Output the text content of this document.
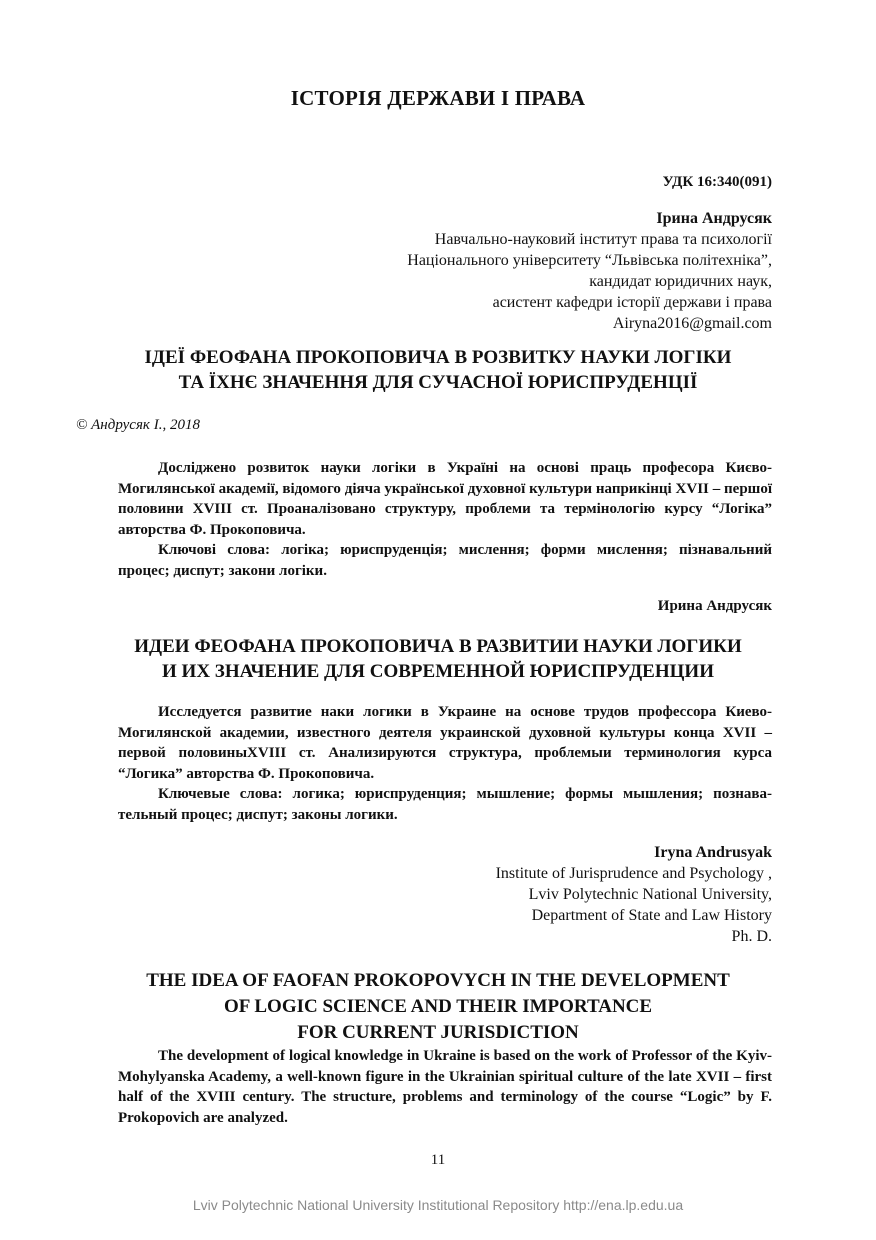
ІСТОРІЯ ДЕРЖАВИ І ПРАВА
УДК 16:340(091)
Ірина Андрусяк
Навчально-науковий інститут права та психології
Національного університету “Львівська політехніка”,
кандидат юридичних наук,
асистент кафедри історії держави і права
Airyna2016@gmail.com
ІДЕЇ ФЕОФАНА ПРОКОПОВИЧА В РОЗВИТКУ НАУКИ ЛОГІКИ
ТА ЇХНЄ ЗНАЧЕННЯ ДЛЯ СУЧАСНОЇ ЮРИСПРУДЕНЦІЇ
© Андрусяк І., 2018

Досліджено розвиток науки логіки в Україні на основі праць професора Києво-Могилянської академії, відомого діяча української духовної культури наприкінці XVII – першої половини XVIII ст. Проаналізовано структуру, проблеми та термінологію курсу “Логіка” авторства Ф. Прокоповича.

Ключові слова: логіка; юриспруденція; мислення; форми мислення; пізнавальний процес; диспут; закони логіки.

Ирина Андрусяк
ИДЕИ ФЕОФАНА ПРОКОПОВИЧА В РАЗВИТИИ НАУКИ ЛОГИКИ
И ИХ ЗНАЧЕНИЕ ДЛЯ СОВРЕМЕННОЙ ЮРИСПРУДЕНЦИИ

Исследуется развитие наки логики в Украине на основе трудов профессора Киево-Могилянской академии, известного деятеля украинской духовной культуры конца XVII – первой половиныXVIII ст. Анализируются структура, проблемыи терминология курса “Логика” авторства Ф. Прокоповича.

Ключевые слова: логика; юриспруденция; мышление; формы мышления; познава-тельный процес; диспут; законы логики.

Iryna Andrusyak
Institute of Jurisprudence and Psychology ,
Lviv Polytechnic National University,
Department of State and Law History
Ph. D.
THE IDEA OF FAOFAN PROKOPOVYCH IN THE DEVELOPMENT
OF LOGIC SCIENCE AND THEIR IMPORTANCE
FOR CURRENT JURISDICTION

The development of logical knowledge in Ukraine is based on the work of Professor of the Kyiv-Mohylyanska Academy, a well-known figure in the Ukrainian spiritual culture of the late XVII – first half of the XVIII century. The structure, problems and terminology of the course “Logic” by F. Prokopovich are analyzed.

11
Lviv Polytechnic National University Institutional Repository http://ena.lp.edu.ua
